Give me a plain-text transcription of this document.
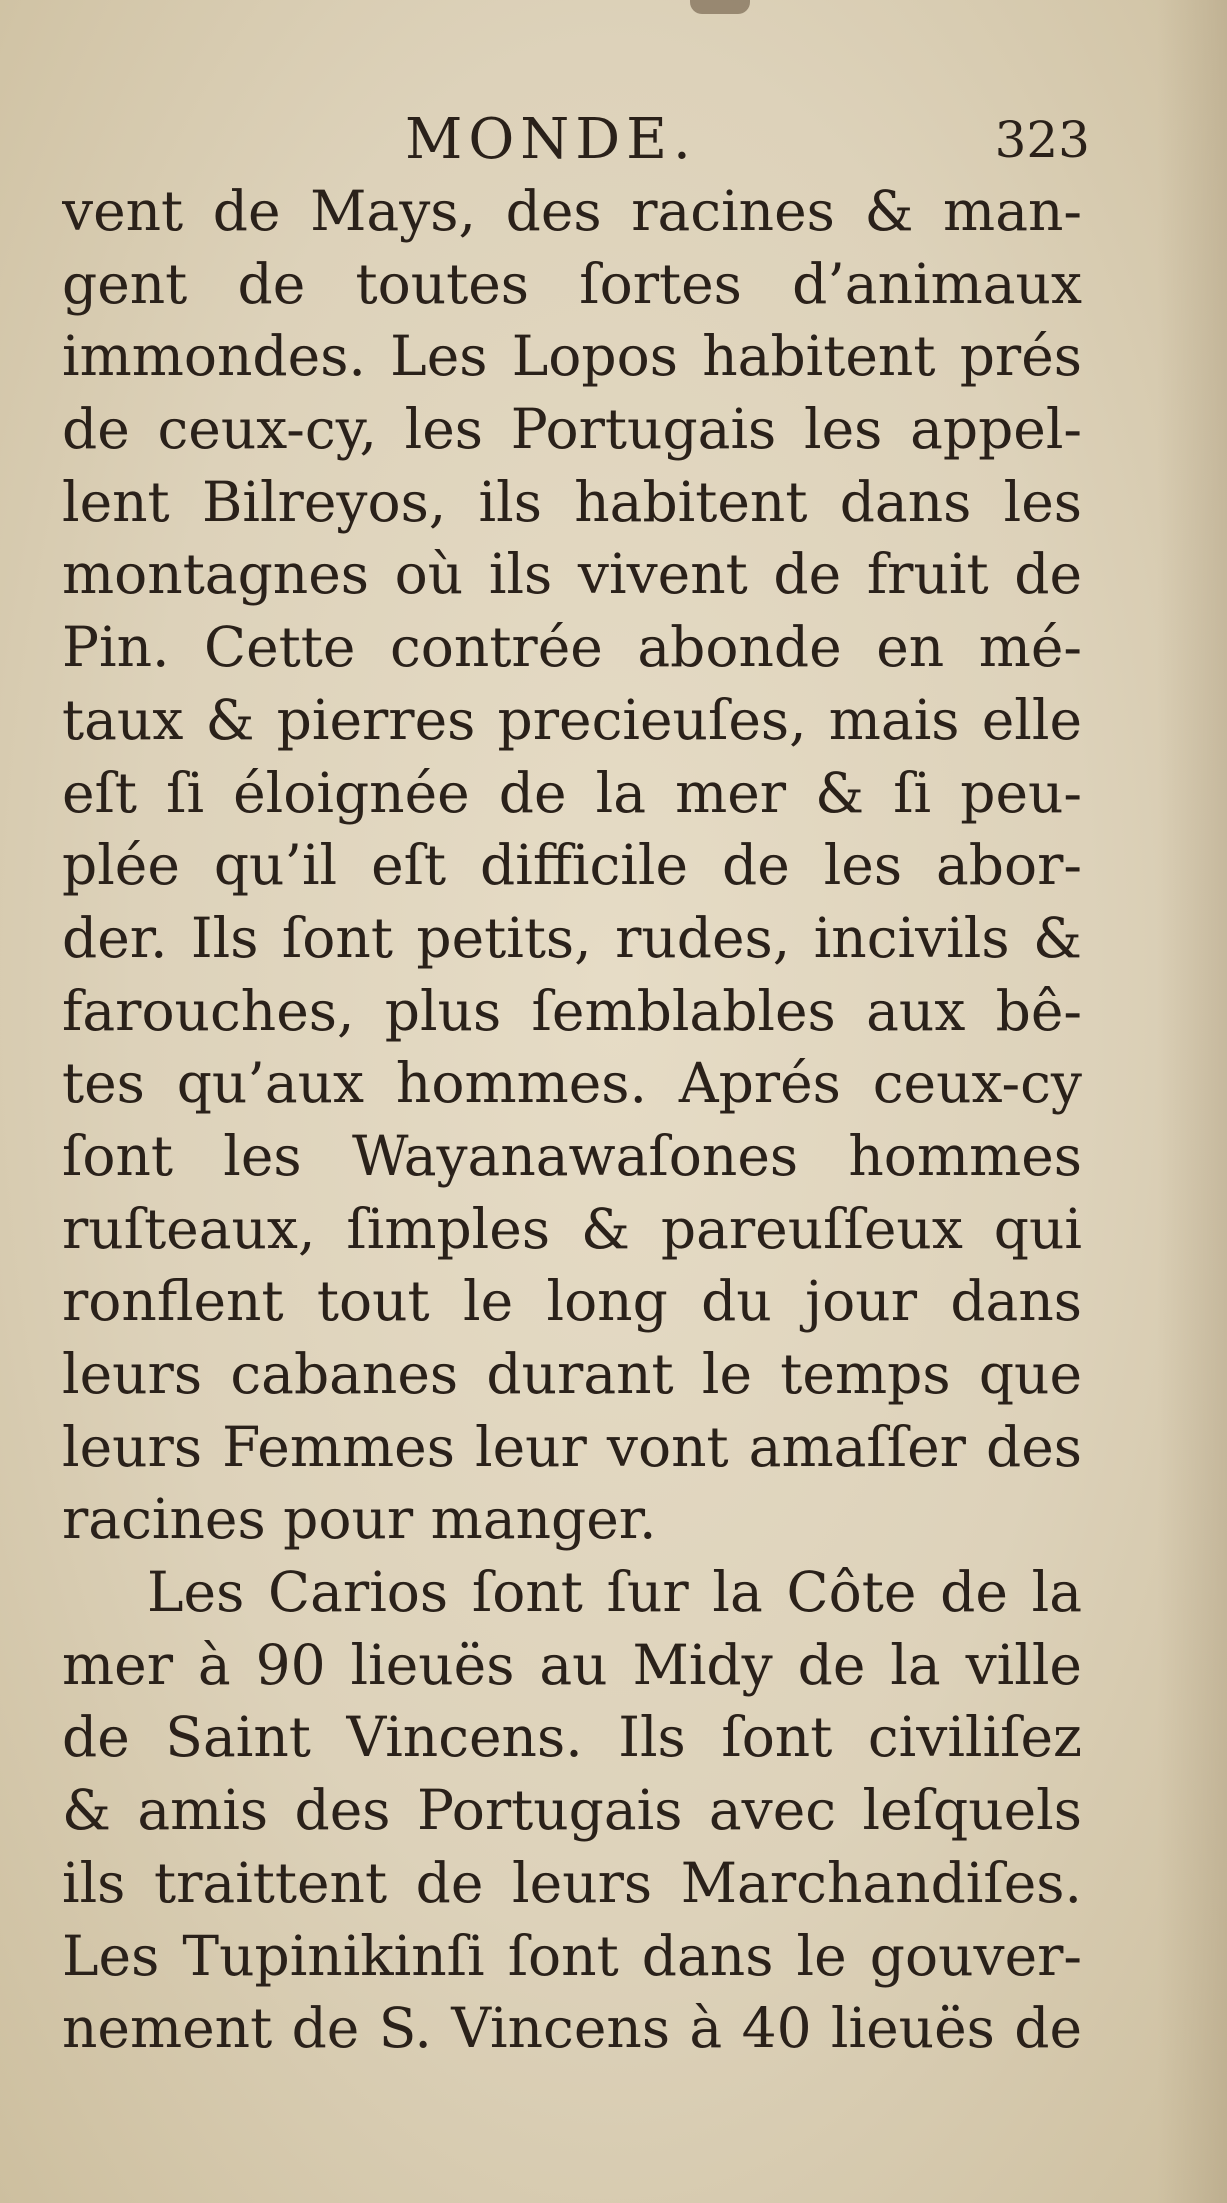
MONDE.	323
vent de Mays, des racines & man-
gent de toutes ſortes d’animaux
immondes. Les Lopos habitent prés
de ceux-cy, les Portugais les appel-
lent Bilreyos, ils habitent dans les
montagnes où ils vivent de fruit de
Pin. Cette contrée abonde en mé-
taux & pierres precieuſes, mais elle
eſt ſi éloignée de la mer & ſi peu-
plée qu’il eſt difficile de les abor-
der. Ils ſont petits, rudes, incivils &
farouches, plus ſemblables aux bê-
tes qu’aux hommes. Aprés ceux-cy
ſont les Wayanawaſones hommes
ruſteaux, ſimples & pareuſſeux qui
ronflent tout le long du jour dans
leurs cabanes durant le temps que
leurs Femmes leur vont amaſſer des
racines pour manger.
Les Carios ſont ſur la Côte de la
mer à 90 lieuës au Midy de la ville
de Saint Vincens. Ils ſont civiliſez
& amis des Portugais avec leſquels
ils traittent de leurs Marchandiſes.
Les Tupinikinſi ſont dans le gouver-
nement de S. Vincens à 40 lieuës de
